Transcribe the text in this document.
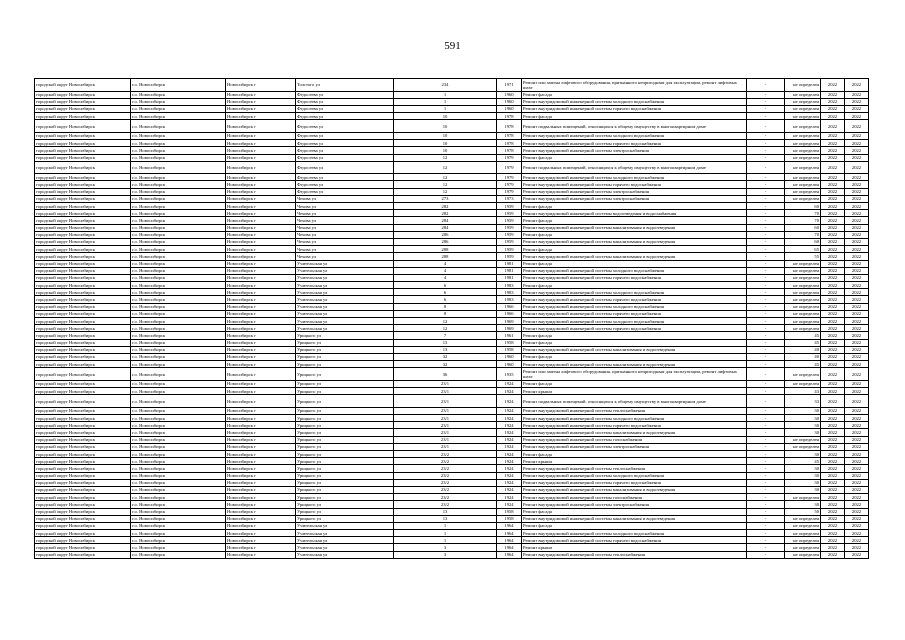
591
городской округ Новосибирск	г.о. Новосибирск	Новосибирск г	Толстого ул	234	1971	Ремонт или замена лифтового оборудования, признанного непригодным для эксплуатации, ремонт лифтовых шахт	-	не определен	2022	2022
городской округ Новосибирск	г.о. Новосибирск	Новосибирск г	Федосеева ул	1	1960	Ремонт фасада	-	не определен	2022	2022
городской округ Новосибирск	г.о. Новосибирск	Новосибирск г	Федосеева ул	1	1960	Ремонт внутридомовой инженерной системы холодного водоснабжения	-	не определен	2022	2022
городской округ Новосибирск	г.о. Новосибирск	Новосибирск г	Федосеева ул	1	1960	Ремонт внутридомовой инженерной системы горячего водоснабжения	-	не определен	2022	2022
городской округ Новосибирск	г.о. Новосибирск	Новосибирск г	Федосеева ул	10	1978	Ремонт фасада	-	не определен	2022	2022
городской округ Новосибирск	г.о. Новосибирск	Новосибирск г	Федосеева ул	10	1978	Ремонт подвальных помещений, относящихся к общему имуществу в многоквартирном доме	-	не определен	2022	2022
городской округ Новосибирск	г.о. Новосибирск	Новосибирск г	Федосеева ул	10	1978	Ремонт внутридомовой инженерной системы холодного водоснабжения	-	не определен	2022	2022
городской округ Новосибирск	г.о. Новосибирск	Новосибирск г	Федосеева ул	10	1978	Ремонт внутридомовой инженерной системы горячего водоснабжения	-	не определен	2022	2022
городской округ Новосибирск	г.о. Новосибирск	Новосибирск г	Федосеева ул	10	1978	Ремонт внутридомовой инженерной системы электроснабжения	-	не определен	2022	2022
городской округ Новосибирск	г.о. Новосибирск	Новосибирск г	Федосеева ул	12	1979	Ремонт фасада	-	не определен	2022	2022
городской округ Новосибирск	г.о. Новосибирск	Новосибирск г	Федосеева ул	12	1979	Ремонт подвальных помещений, относящихся к общему имуществу в многоквартирном доме	-	не определен	2022	2022
городской округ Новосибирск	г.о. Новосибирск	Новосибирск г	Федосеева ул	12	1979	Ремонт внутридомовой инженерной системы холодного водоснабжения	-	не определен	2022	2022
городской округ Новосибирск	г.о. Новосибирск	Новосибирск г	Федосеева ул	12	1979	Ремонт внутридомовой инженерной системы горячего водоснабжения	-	не определен	2022	2022
городской округ Новосибирск	г.о. Новосибирск	Новосибирск г	Федосеева ул	12	1979	Ремонт внутридомовой инженерной системы электроснабжения	-	не определен	2022	2022
городской округ Новосибирск	г.о. Новосибирск	Новосибирск г	Чехова ул	273	1973	Ремонт внутридомовой инженерной системы электроснабжения	-	не определен	2022	2022
городской округ Новосибирск	г.о. Новосибирск	Новосибирск г	Чехова ул	282	1959	Ремонт фасада	-	60	2022	2022
городской округ Новосибирск	г.о. Новосибирск	Новосибирск г	Чехова ул	282	1959	Ремонт внутридомовой инженерной системы водоотведения и водоснабжения	-	70	2022	2022
городской округ Новосибирск	г.о. Новосибирск	Новосибирск г	Чехова ул	284	1959	Ремонт фасада	-	70	2022	2022
городской округ Новосибирск	г.о. Новосибирск	Новосибирск г	Чехова ул	284	1959	Ремонт внутридомовой инженерной системы канализования и водоотведения	-	60	2022	2022
городской округ Новосибирск	г.о. Новосибирск	Новосибирск г	Чехова ул	286	1959	Ремонт фасада	-	70	2022	2022
городской округ Новосибирск	г.о. Новосибирск	Новосибирск г	Чехова ул	286	1959	Ремонт внутридомовой инженерной системы канализования и водоотведения	-	60	2022	2022
городской округ Новосибирск	г.о. Новосибирск	Новосибирск г	Чехова ул	288	1959	Ремонт фасада	-	65	2022	2022
городской округ Новосибирск	г.о. Новосибирск	Новосибирск г	Чехова ул	288	1959	Ремонт внутридомовой инженерной системы канализования и водоотведения	-	55	2022	2022
городской округ Новосибирск	г.о. Новосибирск	Новосибирск г	Учительская ул	4	1981	Ремонт фасада	-	не определен	2022	2022
городской округ Новосибирск	г.о. Новосибирск	Новосибирск г	Учительская ул	4	1981	Ремонт внутридомовой инженерной системы холодного водоснабжения	-	не определен	2022	2022
городской округ Новосибирск	г.о. Новосибирск	Новосибирск г	Учительская ул	4	1981	Ремонт внутридомовой инженерной системы горячего водоснабжения	-	не определен	2022	2022
городской округ Новосибирск	г.о. Новосибирск	Новосибирск г	Учительская ул	6	1983	Ремонт фасада	-	не определен	2022	2022
городской округ Новосибирск	г.о. Новосибирск	Новосибирск г	Учительская ул	6	1983	Ремонт внутридомовой инженерной системы холодного водоснабжения	-	не определен	2022	2022
городской округ Новосибирск	г.о. Новосибирск	Новосибирск г	Учительская ул	6	1983	Ремонт внутридомовой инженерной системы горячего водоснабжения	-	не определен	2022	2022
городской округ Новосибирск	г.о. Новосибирск	Новосибирск г	Учительская ул	8	1966	Ремонт внутридомовой инженерной системы холодного водоснабжения	-	не определен	2022	2022
городской округ Новосибирск	г.о. Новосибирск	Новосибирск г	Учительская ул	8	1966	Ремонт внутридомовой инженерной системы горячего водоснабжения	-	не определен	2022	2022
городской округ Новосибирск	г.о. Новосибирск	Новосибирск г	Учительская ул	12	1969	Ремонт внутридомовой инженерной системы холодного водоснабжения	-	не определен	2022	2022
городской округ Новосибирск	г.о. Новосибирск	Новосибирск г	Учительская ул	12	1969	Ремонт внутридомовой инженерной системы горячего водоснабжения	-	не определен	2022	2022
городской округ Новосибирск	г.о. Новосибирск	Новосибирск г	Урицкого ул	7	1961	Ремонт фасада	-	45	2022	2022
городской округ Новосибирск	г.о. Новосибирск	Новосибирск г	Урицкого ул	13	1958	Ремонт фасада	-	45	2022	2022
городской округ Новосибирск	г.о. Новосибирск	Новосибирск г	Урицкого ул	13	1958	Ремонт внутридомовой инженерной системы канализования и водоотведения	-	40	2022	2022
городской округ Новосибирск	г.о. Новосибирск	Новосибирск г	Урицкого ул	32	1960	Ремонт фасада	-	40	2022	2022
городской округ Новосибирск	г.о. Новосибирск	Новосибирск г	Урицкого ул	32	1960	Ремонт внутридомовой инженерной системы канализования и водоотведения	-	45	2022	2022
городской округ Новосибирск	г.о. Новосибирск	Новосибирск г	Урицкого ул	36	1935	Ремонт или замена лифтового оборудования, признанного непригодным для эксплуатации, ремонт лифтовых шахт	-	не определен	2022	2022
городской округ Новосибирск	г.о. Новосибирск	Новосибирск г	Урицкого ул	23/1	1924	Ремонт фасада	-	не определен	2022	2022
городской округ Новосибирск	г.о. Новосибирск	Новосибирск г	Урицкого ул	23/1	1924	Ремонт крыши	-	43	2022	2022
городской округ Новосибирск	г.о. Новосибирск	Новосибирск г	Урицкого ул	23/1	1924	Ремонт подвальных помещений, относящихся к общему имуществу в многоквартирном доме	-	33	2022	2022
городской округ Новосибирск	г.о. Новосибирск	Новосибирск г	Урицкого ул	23/1	1924	Ремонт внутридомовой инженерной системы теплоснабжения	-	30	2022	2022
городской округ Новосибирск	г.о. Новосибирск	Новосибирск г	Урицкого ул	23/1	1924	Ремонт внутридомовой инженерной системы холодного водоснабжения	-	30	2022	2022
городской округ Новосибирск	г.о. Новосибирск	Новосибирск г	Урицкого ул	23/1	1924	Ремонт внутридомовой инженерной системы горячего водоснабжения	-	30	2022	2022
городской округ Новосибирск	г.о. Новосибирск	Новосибирск г	Урицкого ул	23/1	1924	Ремонт внутридомовой инженерной системы канализования и водоотведения	-	30	2022	2022
городской округ Новосибирск	г.о. Новосибирск	Новосибирск г	Урицкого ул	23/1	1924	Ремонт внутридомовой инженерной системы газоснабжения	-	не определен	2022	2022
городской округ Новосибирск	г.о. Новосибирск	Новосибирск г	Урицкого ул	23/1	1924	Ремонт внутридомовой инженерной системы электроснабжения	-	не определен	2022	2022
городской округ Новосибирск	г.о. Новосибирск	Новосибирск г	Урицкого ул	23/2	1924	Ремонт фасада	-	30	2022	2022
городской округ Новосибирск	г.о. Новосибирск	Новосибирск г	Урицкого ул	23/2	1924	Ремонт крыши	-	45	2022	2022
городской округ Новосибирск	г.о. Новосибирск	Новосибирск г	Урицкого ул	23/2	1924	Ремонт внутридомовой инженерной системы теплоснабжения	-	30	2022	2022
городской округ Новосибирск	г.о. Новосибирск	Новосибирск г	Урицкого ул	23/2	1924	Ремонт внутридомовой инженерной системы холодного водоснабжения	-	30	2022	2022
городской округ Новосибирск	г.о. Новосибирск	Новосибирск г	Урицкого ул	23/2	1924	Ремонт внутридомовой инженерной системы горячего водоснабжения	-	30	2022	2022
городской округ Новосибирск	г.о. Новосибирск	Новосибирск г	Урицкого ул	23/2	1924	Ремонт внутридомовой инженерной системы канализования и водоотведения	-	30	2022	2022
городской округ Новосибирск	г.о. Новосибирск	Новосибирск г	Урицкого ул	23/2	1924	Ремонт внутридомовой инженерной системы газоснабжения	-	не определен	2022	2022
городской округ Новосибирск	г.о. Новосибирск	Новосибирск г	Урицкого ул	23/2	1924	Ремонт внутридомовой инженерной системы электроснабжения	-	30	2022	2022
городской округ Новосибирск	г.о. Новосибирск	Новосибирск г	Урицкого ул	13	1958	Ремонт фасада	-	50	2022	2022
городской округ Новосибирск	г.о. Новосибирск	Новосибирск г	Урицкого ул	13	1958	Ремонт внутридомовой инженерной системы канализования и водоотведения	-	не определен	2022	2022
городской округ Новосибирск	г.о. Новосибирск	Новосибирск г	Учительская ул	1	1964	Ремонт фасада	-	не определен	2022	2022
городской округ Новосибирск	г.о. Новосибирск	Новосибирск г	Учительская ул	1	1964	Ремонт внутридомовой инженерной системы холодного водоснабжения	-	не определен	2022	2022
городской округ Новосибирск	г.о. Новосибирск	Новосибирск г	Учительская ул	1	1964	Ремонт внутридомовой инженерной системы горячего водоснабжения	-	не определен	2022	2022
городской округ Новосибирск	г.о. Новосибирск	Новосибирск г	Учительская ул	3	1964	Ремонт крыши	-	не определен	2022	2022
городской округ Новосибирск	г.о. Новосибирск	Новосибирск г	Учительская ул	3	1964	Ремонт внутридомовой инженерной системы теплоснабжения	-	не определен	2022	2022
